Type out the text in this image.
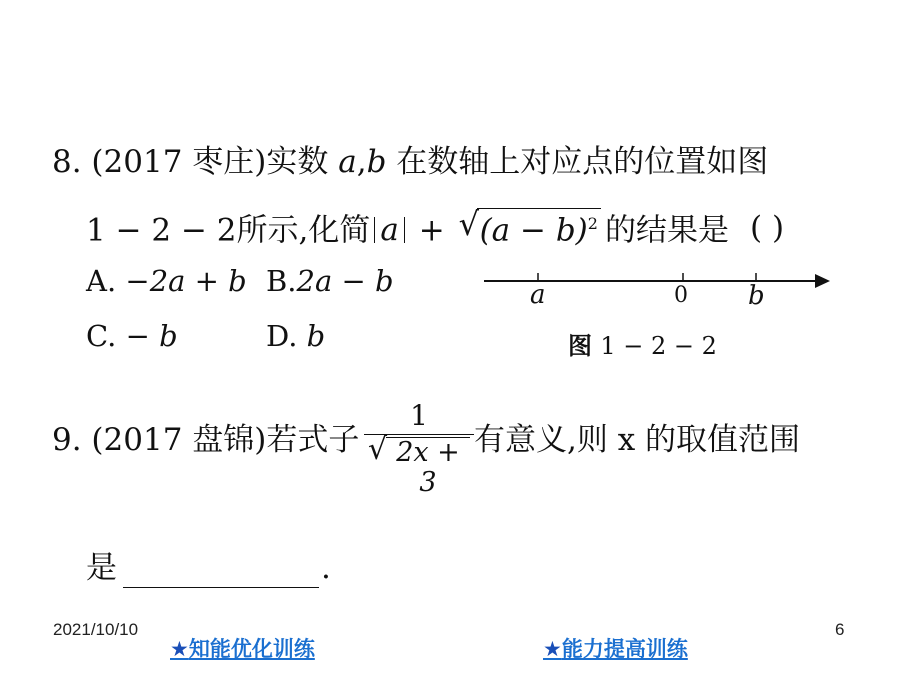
8. (2017 枣庄)实数 a,b 在数轴上对应点的位置如图
1 − 2 − 2所示,化简 a + √ $(a - b)^2$ 的结果是 ( )
A. −2a + b B.2a − b
C. − b	D. b
a	0 b
图 1 − 2 − 2
9. (2017 盘锦)若式子
1
√ 2x + 3
有意义,则 x 的取值范围
是	.
2021/10/10	6
★知能优化训练	★能力提高训练
